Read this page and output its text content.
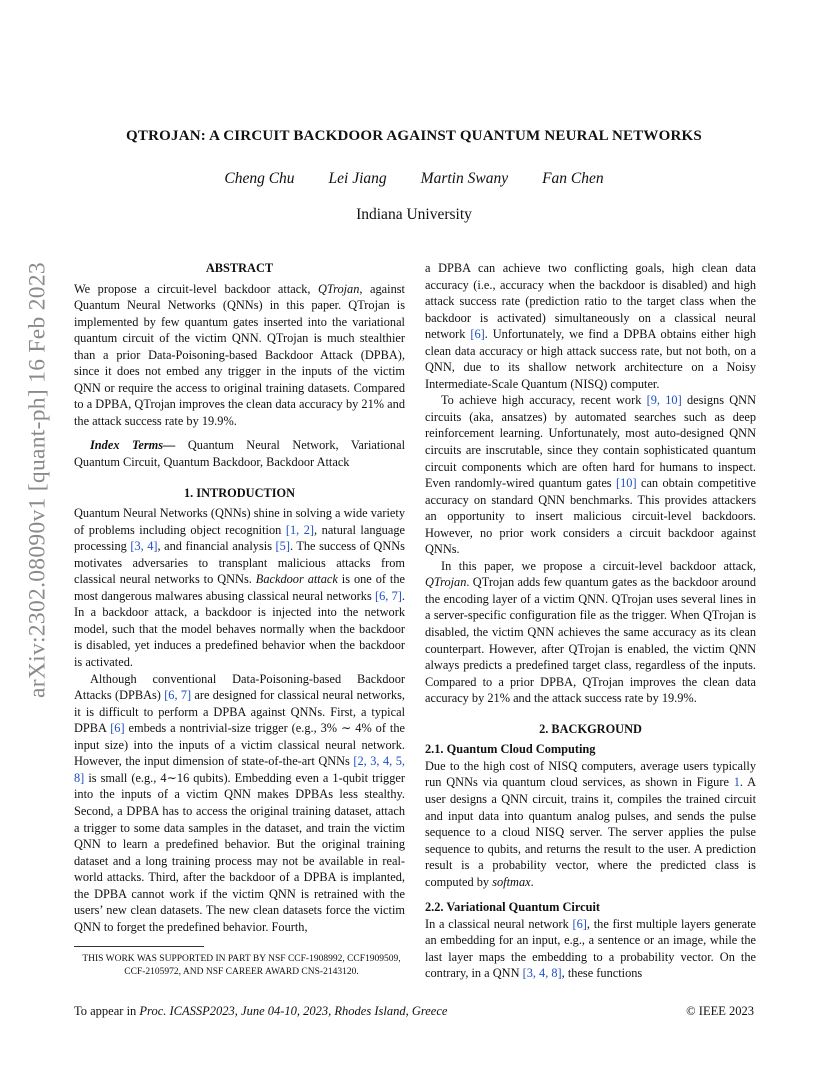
arXiv:2302.08090v1 [quant-ph] 16 Feb 2023
QTROJAN: A CIRCUIT BACKDOOR AGAINST QUANTUM NEURAL NETWORKS
Cheng Chu Lei Jiang Martin Swany Fan Chen
Indiana University
ABSTRACT

We propose a circuit-level backdoor attack, QTrojan, against Quantum Neural Networks (QNNs) in this paper. QTrojan is implemented by few quantum gates inserted into the variational quantum circuit of the victim QNN. QTrojan is much stealthier than a prior Data-Poisoning-based Backdoor Attack (DPBA), since it does not embed any trigger in the inputs of the victim QNN or require the access to original training datasets. Compared to a DPBA, QTrojan improves the clean data accuracy by 21% and the attack success rate by 19.9%.

Index Terms— Quantum Neural Network, Variational Quantum Circuit, Quantum Backdoor, Backdoor Attack

1. INTRODUCTION

Quantum Neural Networks (QNNs) shine in solving a wide variety of problems including object recognition [1, 2], natural language processing [3, 4], and financial analysis [5]. The success of QNNs motivates adversaries to transplant malicious attacks from classical neural networks to QNNs. Backdoor attack is one of the most dangerous malwares abusing classical neural networks [6, 7]. In a backdoor attack, a backdoor is injected into the network model, such that the model behaves normally when the backdoor is disabled, yet induces a predefined behavior when the backdoor is activated.

Although conventional Data-Poisoning-based Backdoor Attacks (DPBAs) [6, 7] are designed for classical neural networks, it is difficult to perform a DPBA against QNNs. First, a typical DPBA [6] embeds a nontrivial-size trigger (e.g., 3% ∼ 4% of the input size) into the inputs of a victim classical neural network. However, the input dimension of state-of-the-art QNNs [2, 3, 4, 5, 8] is small (e.g., 4∼16 qubits). Embedding even a 1-qubit trigger into the inputs of a victim QNN makes DPBAs less stealthy. Second, a DPBA has to access the original training dataset, attach a trigger to some data samples in the dataset, and train the victim QNN to learn a predefined behavior. But the original training dataset and a long training process may not be available in real-world attacks. Third, after the backdoor of a DPBA is implanted, the DPBA cannot work if the victim QNN is retrained with the users’ new clean datasets. The new clean datasets force the victim QNN to forget the predefined behavior. Fourth,

THIS WORK WAS SUPPORTED IN PART BY NSF CCF-1908992, CCF1909509, CCF-2105972, AND NSF CAREER AWARD CNS-2143120.

a DPBA can achieve two conflicting goals, high clean data accuracy (i.e., accuracy when the backdoor is disabled) and high attack success rate (prediction ratio to the target class when the backdoor is activated) simultaneously on a classical neural network [6]. Unfortunately, we find a DPBA obtains either high clean data accuracy or high attack success rate, but not both, on a QNN, due to its shallow network architecture on a Noisy Intermediate-Scale Quantum (NISQ) computer.

To achieve high accuracy, recent work [9, 10] designs QNN circuits (aka, ansatzes) by automated searches such as deep reinforcement learning. Unfortunately, most auto-designed QNN circuits are inscrutable, since they contain sophisticated quantum circuit components which are often hard for humans to inspect. Even randomly-wired quantum gates [10] can obtain competitive accuracy on standard QNN benchmarks. This provides attackers an opportunity to insert malicious circuit-level backdoors. However, no prior work considers a circuit backdoor against QNNs.

In this paper, we propose a circuit-level backdoor attack, QTrojan. QTrojan adds few quantum gates as the backdoor around the encoding layer of a victim QNN. QTrojan uses several lines in a server-specific configuration file as the trigger. When QTrojan is disabled, the victim QNN achieves the same accuracy as its clean counterpart. However, after QTrojan is enabled, the victim QNN always predicts a predefined target class, regardless of the inputs. Compared to a prior DPBA, QTrojan improves the clean data accuracy by 21% and the attack success rate by 19.9%.

2. BACKGROUND
2.1. Quantum Cloud Computing

Due to the high cost of NISQ computers, average users typically run QNNs via quantum cloud services, as shown in Figure 1. A user designs a QNN circuit, trains it, compiles the trained circuit and input data into quantum analog pulses, and sends the pulse sequence to a cloud NISQ server. The server applies the pulse sequence to qubits, and returns the result to the user. A prediction result is a probability vector, where the predicted class is computed by softmax.

2.2. Variational Quantum Circuit

In a classical neural network [6], the first multiple layers generate an embedding for an input, e.g., a sentence or an image, while the last layer maps the embedding to a probability vector. On the contrary, in a QNN [3, 4, 8], these functions

To appear in Proc. ICASSP2023, June 04-10, 2023, Rhodes Island, Greece	© IEEE 2023
